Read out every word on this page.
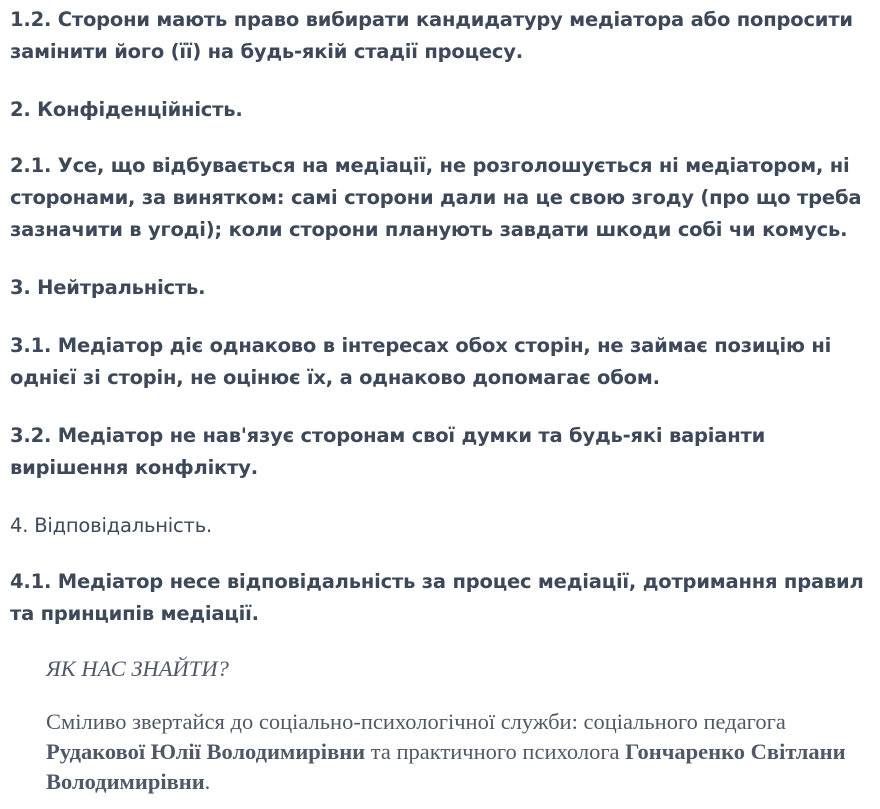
1.2. Сторони мають право вибирати кандидатуру медіатора або попросити замінити його (її) на будь-якій стадії процесу.

2. Конфіденційність.

2.1. Усе, що відбувається на медіації, не розголошується ні медіатором, ні сторонами, за винятком: самі сторони дали на це свою згоду (про що треба зазначити в угоді); коли сторони планують завдати шкоди собі чи комусь.

3. Нейтральність.

3.1. Медіатор діє однаково в інтересах обох сторін, не займає позицію ні однієї зі сторін, не оцінює їх, а однаково допомагає обом.

3.2. Медіатор не нав'язує сторонам свої думки та будь-які варіанти вирішення конфлікту.

4. Відповідальність.

4.1. Медіатор несе відповідальність за процес медіації, дотримання правил та принципів медіації.

ЯК НАС ЗНАЙТИ?

Сміливо звертайся до соціально-психологічної служби: соціального педагога Рудакової Юлії Володимирівни та практичного психолога Гончаренко Світлани Володимирівни.
